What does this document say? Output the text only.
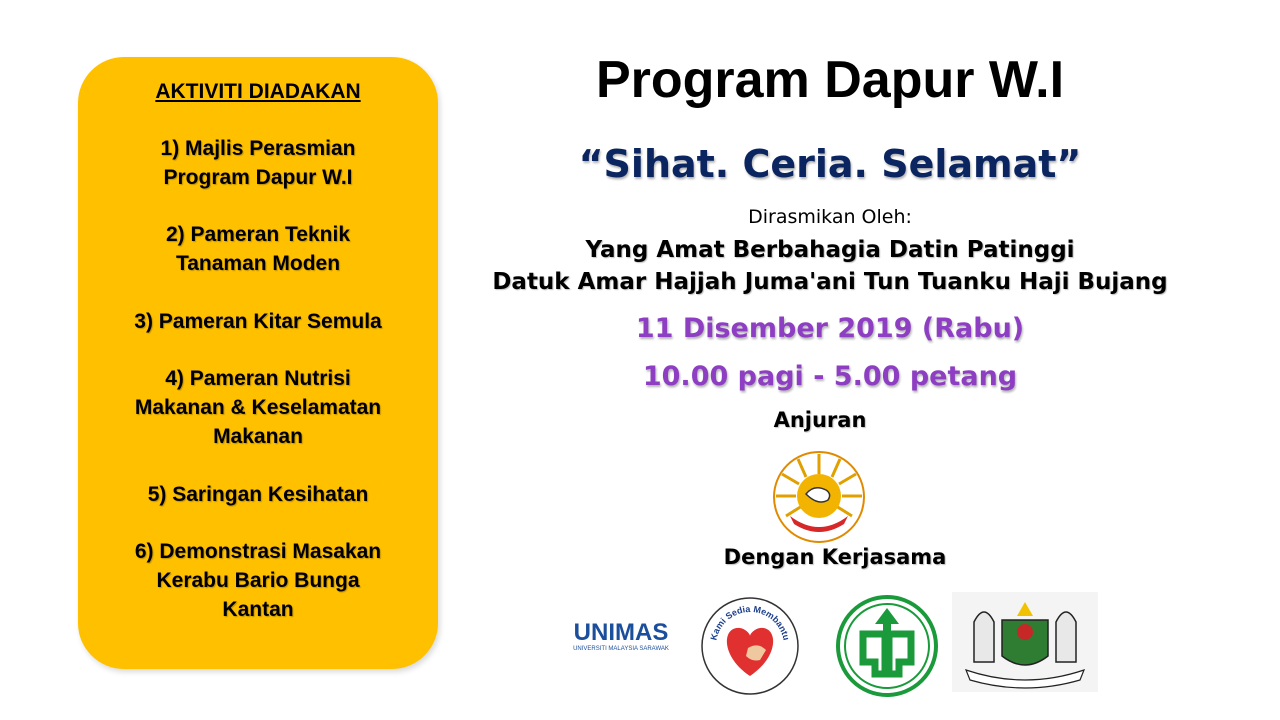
AKTIVITI DIADAKAN
1) Majlis Perasmian
Program Dapur W.I
2) Pameran Teknik
Tanaman Moden
3) Pameran Kitar Semula
4) Pameran Nutrisi
Makanan & Keselamatan
Makanan
5) Saringan Kesihatan
6) Demonstrasi Masakan
Kerabu Bario Bunga
Kantan
Program Dapur W.I
“Sihat. Ceria. Selamat”
Dirasmikan Oleh:
Yang Amat Berbahagia Datin Patinggi
Datuk Amar Hajjah Juma'ani Tun Tuanku Haji Bujang
11 Disember 2019 (Rabu)
10.00 pagi - 5.00 petang
Anjuran
Dengan Kerjasama
UNIMAS
UNIVERSITI MALAYSIA SARAWAK
Kami Sedia Membantu
